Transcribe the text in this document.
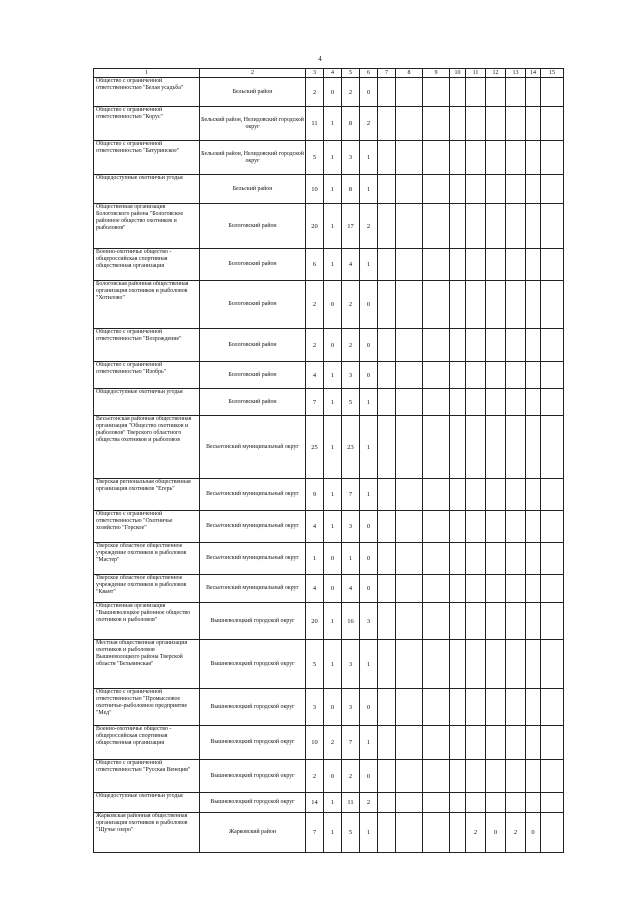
4
1	2	3	4	5	6	7	8	9	10	11	12	13	14	15
Общество с ограниченной ответственностью "Белая усадьба"	Бельский район	2	0	2	0									
Общество с ограниченной ответственностью "Корус"	Бельский район, Нелидовский городской округ	11	1	8	2									
Общество с ограниченной ответственностью "Батуринское"	Бельский район, Нелидовский городской округ	5	1	3	1									
Общедоступные охотничьи угодья	Бельский район	10	1	8	1									
Общественная организация Бологовского района "Бологовское районное общество охотников и рыболовов"	Бологовский район	20	1	17	2									
Военно-охотничье общество - общероссийская спортивная общественная организация	Бологовский район	6	1	4	1									
Бологовская районная общественная организация охотников и рыболовов "Хотилово"	Бологовский район	2	0	2	0									
Общество с ограниченной ответственностью "Возрождение"	Бологовский район	2	0	2	0									
Общество с ограниченной ответственностью "Изобрь"	Бологовский район	4	1	3	0									
Общедоступные охотничьи угодья	Бологовский район	7	1	5	1									
Весьегонская районная общественная организация "Общество охотников и рыболовов" Тверского областного общества охотников и рыболовов	Весьегонский муниципальный округ	25	1	23	1									
Тверская региональная общественная организация охотников "Егерь"	Весьегонский муниципальный округ	9	1	7	1									
Общество с ограниченной ответственностью "Охотничье хозяйство "Горское"	Весьегонский муниципальный округ	4	1	3	0									
Тверское областное общественное учреждение охотников и рыболовов "Мастер"	Весьегонский муниципальный округ	1	0	1	0									
Тверское областное общественное учреждение охотников и рыболовов "Квант"	Весьегонский муниципальный округ	4	0	4	0									
Общественная организация "Вышневолоцкое районное общество охотников и рыболовов"	Вышневолоцкий городской округ	20	1	16	3									
Местная общественная организация охотников и рыболовов Вышневолоцкого района Тверской области "Бельвинская"	Вышневолоцкий городской округ	5	1	3	1									
Общество с ограниченной ответственностью "Промысловое охотничье-рыболовное предприятие "Мед"	Вышневолоцкий городской округ	3	0	3	0									
Военно-охотничье общество - общероссийская спортивная общественная организация	Вышневолоцкий городской округ	10	2	7	1									
Общество с ограниченной ответственностью "Русская Венеция"	Вышневолоцкий городской округ	2	0	2	0									
Общедоступные охотничьи угодья	Вышневолоцкий городской округ	14	1	11	2									
Жарковская районная общественная организация охотников и рыболовов "Щучье озеро"	Жарковский район	7	1	5	1					2	0	2	0	
